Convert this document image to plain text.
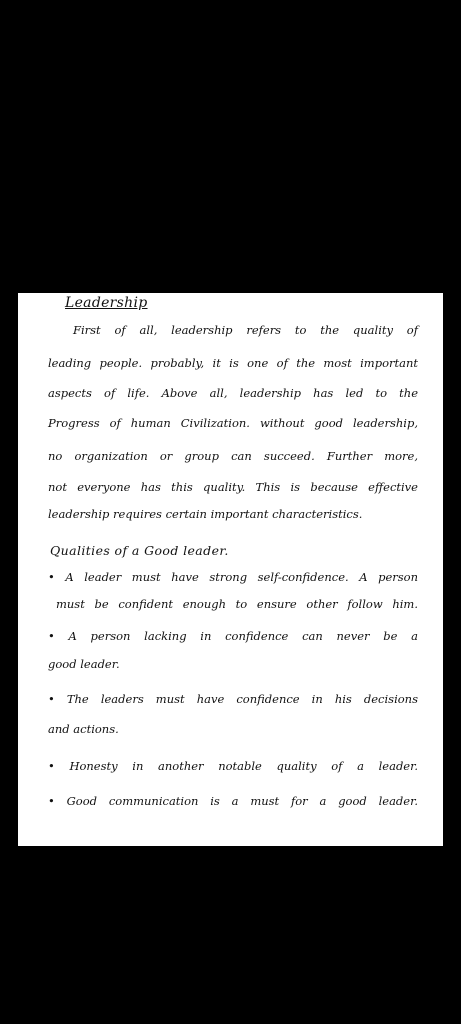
Leadership
First of all, leadership refers to the quality of
leading people. probably, it is one of the most important
aspects of life. Above all, leadership has led to the
Progress of human Civilization. without good leadership,
no organization or group can succeed. Further more,
not everyone has this quality. This is because effective
leadership requires certain important characteristics.
Qualities of a Good leader.
• A leader must have strong self-confidence. A person
must be confident enough to ensure other follow him.
• A person lacking in confidence can never be a
good leader.
• The leaders must have confidence in his decisions
and actions.
• Honesty in another notable quality of a leader.
• Good communication is a must for a good leader.
